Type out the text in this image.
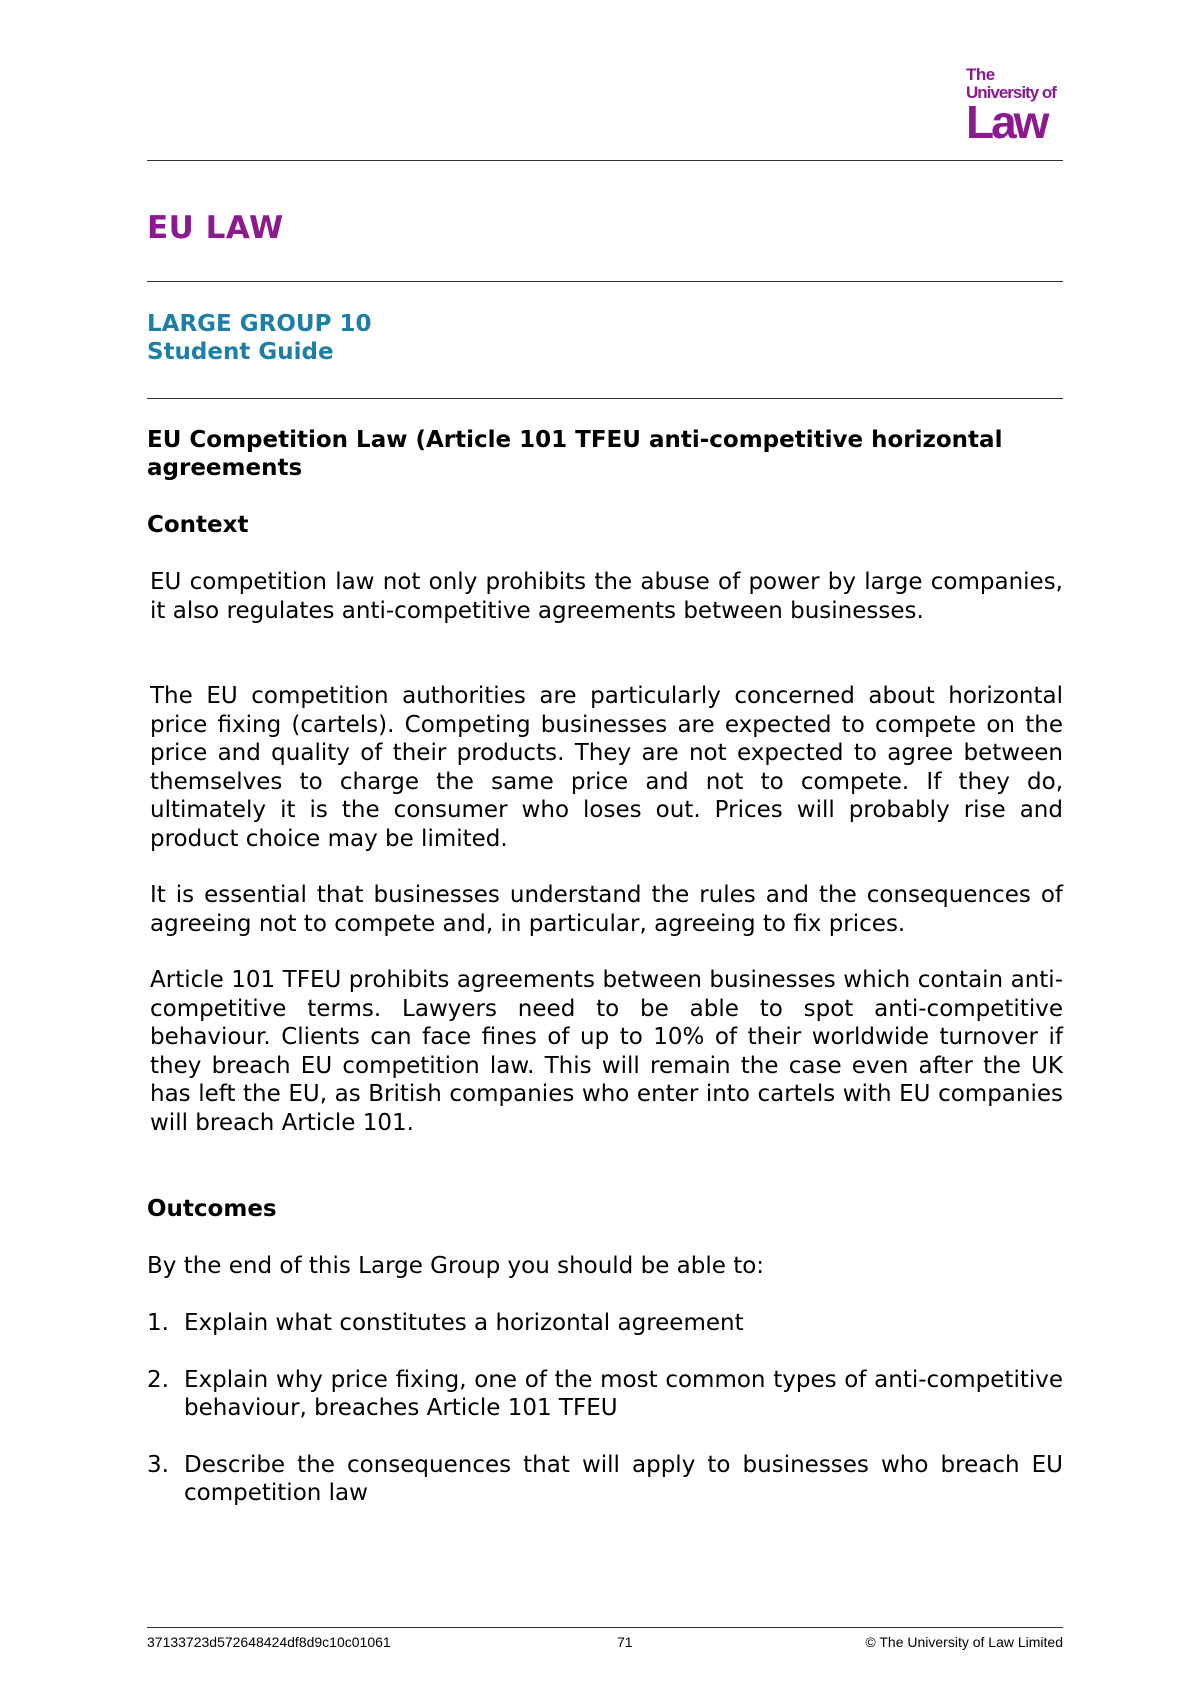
The
University of
Law
EU LAW
LARGE GROUP 10
Student Guide
EU Competition Law (Article 101 TFEU anti-competitive horizontal agreements
Context

EU competition law not only prohibits the abuse of power by large companies, it also regulates anti-competitive agreements between businesses.

The EU competition authorities are particularly concerned about horizontal price fixing (cartels). Competing businesses are expected to compete on the price and quality of their products. They are not expected to agree between themselves to charge the same price and not to compete. If they do, ultimately it is the consumer who loses out. Prices will probably rise and product choice may be limited.

It is essential that businesses understand the rules and the consequences of agreeing not to compete and, in particular, agreeing to fix prices.

Article 101 TFEU prohibits agreements between businesses which contain anti-competitive terms. Lawyers need to be able to spot anti-competitive behaviour. Clients can face fines of up to 10% of their worldwide turnover if they breach EU competition law. This will remain the case even after the UK has left the EU, as British companies who enter into cartels with EU companies will breach Article 101.

Outcomes

By the end of this Large Group you should be able to:

1. Explain what constitutes a horizontal agreement
2. Explain why price fixing, one of the most common types of anti-competitive behaviour, breaches Article 101 TFEU
3. Describe the consequences that will apply to businesses who breach EU competition law
37133723d572648424df8d9c10c01061	71	© The University of Law Limited
